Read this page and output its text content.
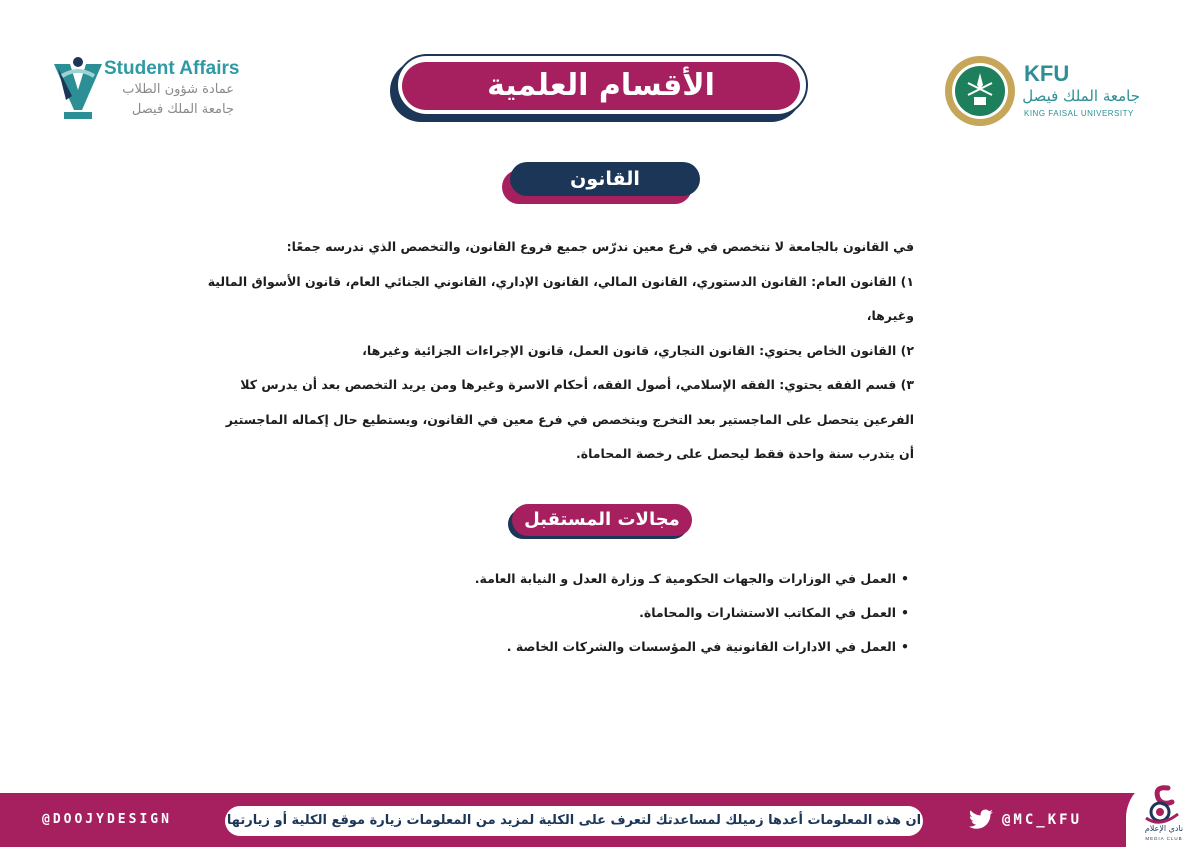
Student Affairs
عمادة شؤون الطلاب
جامعة الملك فيصل
الأقسام العلمية	KFU
جامعة الملك فيصل
KING FAISAL UNIVERSITY
القانون

في القانون بالجامعة لا نتخصص في فرع معين ندرّس جميع فروع القانون، والتخصص الذي ندرسه جمعًا:

١) القانون العام: القانون الدستوري، القانون المالي، القانون الإداري، القانوني الجنائي العام، قانون الأسواق المالية

وغيرها،

٢) القانون الخاص يحتوي: القانون التجاري، قانون العمل، قانون الإجراءات الجزائية وغيرها،

٣) قسم الفقه يحتوي: الفقه الإسلامي، أصول الفقه، أحكام الاسرة وغيرها ومن يريد التخصص بعد أن يدرس كلا

الفرعين يتحصل على الماجستير بعد التخرج ويتخصص في فرع معين في القانون، ويستطيع حال إكماله الماجستير

أن يتدرب سنة واحدة فقط ليحصل على رخصة المحاماة.

مجالات المستقبل
•العمل في الوزارات والجهات الحكومية كـ وزارة العدل و النيابة العامة.
•العمل في المكاتب الاستشارات والمحاماة.
•العمل في الادارات القانونية في المؤسسات والشركات الخاصة .
@DOOJYDESIGN	ان هذه المعلومات أعدها زميلك لمساعدتك لتعرف على الكلية لمزيد من المعلومات زيارة موقع الكلية أو زيارتها	@MC_KFU
نادي الإعلام
MEDIA CLUB
